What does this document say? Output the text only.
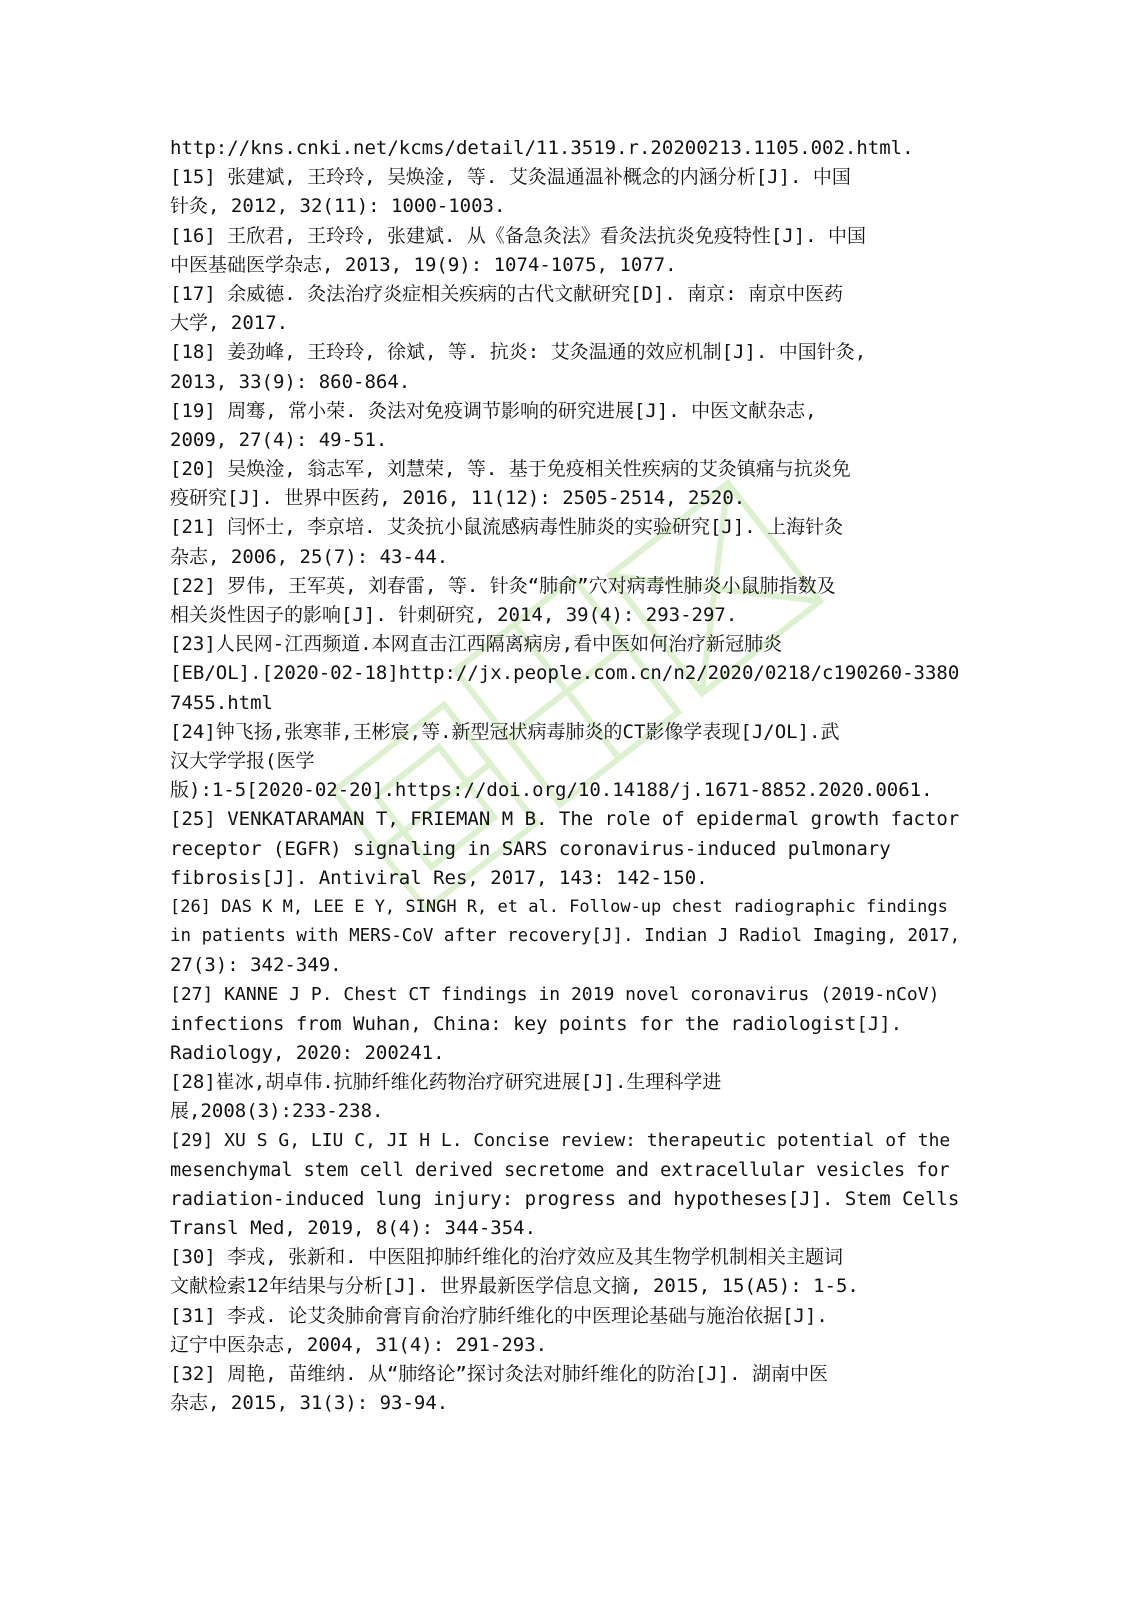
http://kns.cnki.net/kcms/detail/11.3519.r.20200213.1105.002.html.
[15] 张建斌, 王玲玲, 吴焕淦, 等. 艾灸温通温补概念的内涵分析[J]. 中国
针灸, 2012, 32(11): 1000-1003.
[16] 王欣君, 王玲玲, 张建斌. 从《备急灸法》看灸法抗炎免疫特性[J]. 中国
中医基础医学杂志, 2013, 19(9): 1074-1075, 1077.
[17] 余威德. 灸法治疗炎症相关疾病的古代文献研究[D]. 南京: 南京中医药
大学, 2017.
[18] 姜劲峰, 王玲玲, 徐斌, 等. 抗炎: 艾灸温通的效应机制[J]. 中国针灸,
2013, 33(9): 860-864.
[19] 周骞, 常小荣. 灸法对免疫调节影响的研究进展[J]. 中医文献杂志,
2009, 27(4): 49-51.
[20] 吴焕淦, 翁志军, 刘慧荣, 等. 基于免疫相关性疾病的艾灸镇痛与抗炎免
疫研究[J]. 世界中医药, 2016, 11(12): 2505-2514, 2520.
[21] 闫怀士, 李京培. 艾灸抗小鼠流感病毒性肺炎的实验研究[J]. 上海针灸
杂志, 2006, 25(7): 43-44.
[22] 罗伟, 王军英, 刘春雷, 等. 针灸“肺俞”穴对病毒性肺炎小鼠肺指数及
相关炎性因子的影响[J]. 针刺研究, 2014, 39(4): 293-297.
[23]人民网-江西频道.本网直击江西隔离病房,看中医如何治疗新冠肺炎
[EB/OL].[2020-02-18]http://jx.people.com.cn/n2/2020/0218/c190260-3380
7455.html
[24]钟飞扬,张寒菲,王彬宸,等.新型冠状病毒肺炎的CT影像学表现[J/OL].武
汉大学学报(医学
版):1-5[2020-02-20].https://doi.org/10.14188/j.1671-8852.2020.0061.
[25] VENKATARAMAN T, FRIEMAN M B. The role of epidermal growth factor
receptor (EGFR) signaling in SARS coronavirus-induced pulmonary
fibrosis[J]. Antiviral Res, 2017, 143: 142-150.
[26] DAS K M, LEE E Y, SINGH R, et al. Follow-up chest radiographic findings
in patients with MERS-CoV after recovery[J]. Indian J Radiol Imaging, 2017,
27(3): 342-349.
[27] KANNE J P. Chest CT findings in 2019 novel coronavirus (2019-nCoV)
infections from Wuhan, China: key points for the radiologist[J].
Radiology, 2020: 200241.
[28]崔冰,胡卓伟.抗肺纤维化药物治疗研究进展[J].生理科学进
展,2008(3):233-238.
[29] XU S G, LIU C, JI H L. Concise review: therapeutic potential of the
mesenchymal stem cell derived secretome and extracellular vesicles for
radiation-induced lung injury: progress and hypotheses[J]. Stem Cells
Transl Med, 2019, 8(4): 344-354.
[30] 李戎, 张新和. 中医阻抑肺纤维化的治疗效应及其生物学机制相关主题词
文献检索12年结果与分析[J]. 世界最新医学信息文摘, 2015, 15(A5): 1-5.
[31] 李戎. 论艾灸肺俞膏肓俞治疗肺纤维化的中医理论基础与施治依据[J].
辽宁中医杂志, 2004, 31(4): 291-293.
[32] 周艳, 苗维纳. 从“肺络论”探讨灸法对肺纤维化的防治[J]. 湖南中医
杂志, 2015, 31(3): 93-94.
